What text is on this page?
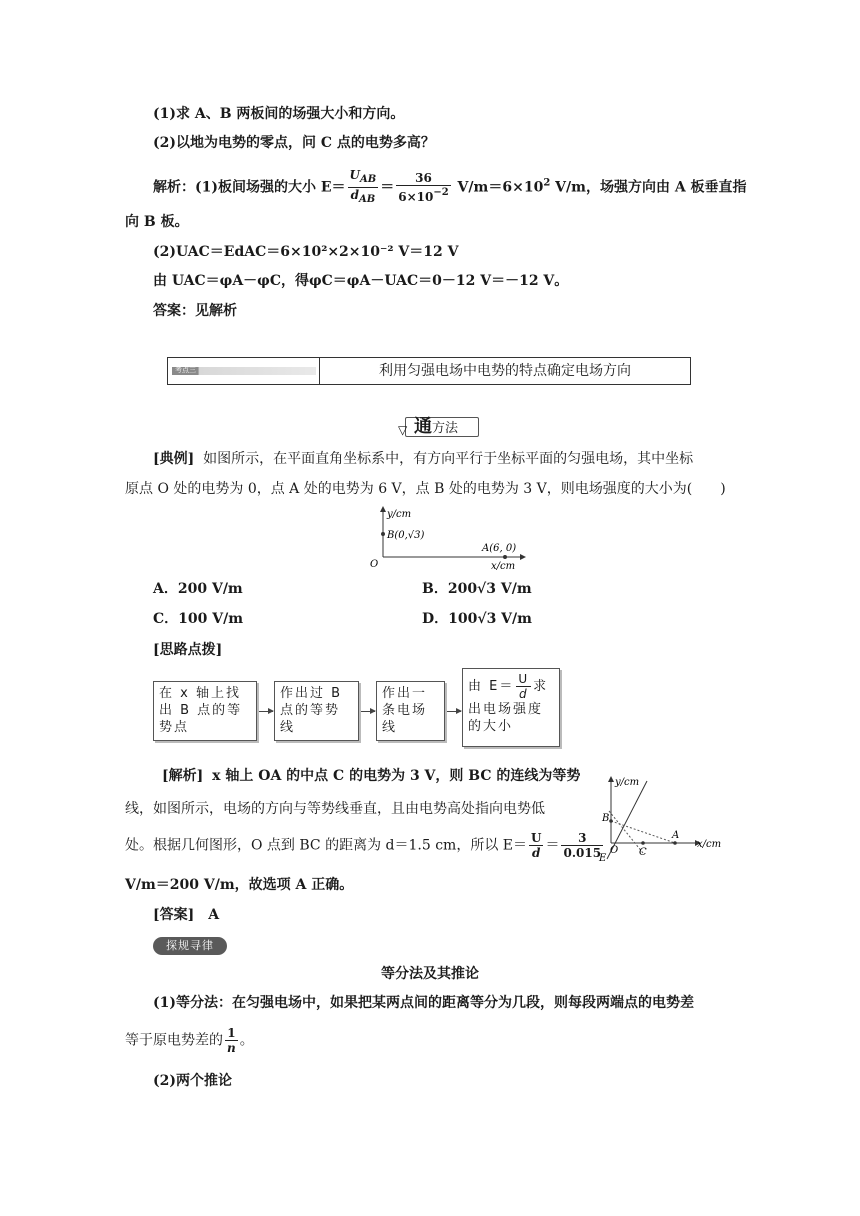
(1)求 A、B 两板间的场强大小和方向。
(2)以地为电势的零点，问 C 点的电势多高？
解析：(1)板间场强的大小 $E= \frac{U_{AB}}{d_{AB}} = \frac{36}{6\times 10^{-2}} V/m=6\times 10^2$ V/m，场强方向由 A 板垂直指
向 B 板。
(2)UAC＝EdAC＝6×10²×2×10⁻² V＝12 V
由 UAC＝φA－φC，得φC＝φA－UAC＝0－12 V＝－12 V。
答案：见解析
考点三	利用匀强电场中电势的特点确定电场方向
▽ 通方法
[典例] 如图所示，在平面直角坐标系中，有方向平行于坐标平面的匀强电场，其中坐标
原点 O 处的电势为 0，点 A 处的电势为 6 V，点 B 处的电势为 3 V，则电场强度的大小为(　　)
y/cm
B(0,√3)
A(6, 0)
O	x/cm
A．200 V/m	B．200√3 V/m
C．100 V/m	D．100√3 V/m
[思路点拨]
在 x 轴上找
出 B 点的等
势点
作出过 B
点的等势
线
作出一
条电场
线
由 $E= \frac{U}{d}$ 求
出电场强度
的大小
[解析] x 轴上 OA 的中点 C 的电势为 3 V，则 BC 的连线为等势
线，如图所示，电场的方向与等势线垂直，且由电势高处指向电势低
处。根据几何图形，O 点到 BC 的距离为 d＝1.5 cm，所以 $E= \frac{U}{d} = \frac{3}{0.015}$
V/m＝200 V/m，故选项 A 正确。
y/cm
B
C
A
O
E
x/cm
[答案]　A
探规寻律
等分法及其推论
(1)等分法：在匀强电场中，如果把某两点间的距离等分为几段，则每段两端点的电势差
等于原电势差的 $\frac{1}{n}$ 。
(2)两个推论
